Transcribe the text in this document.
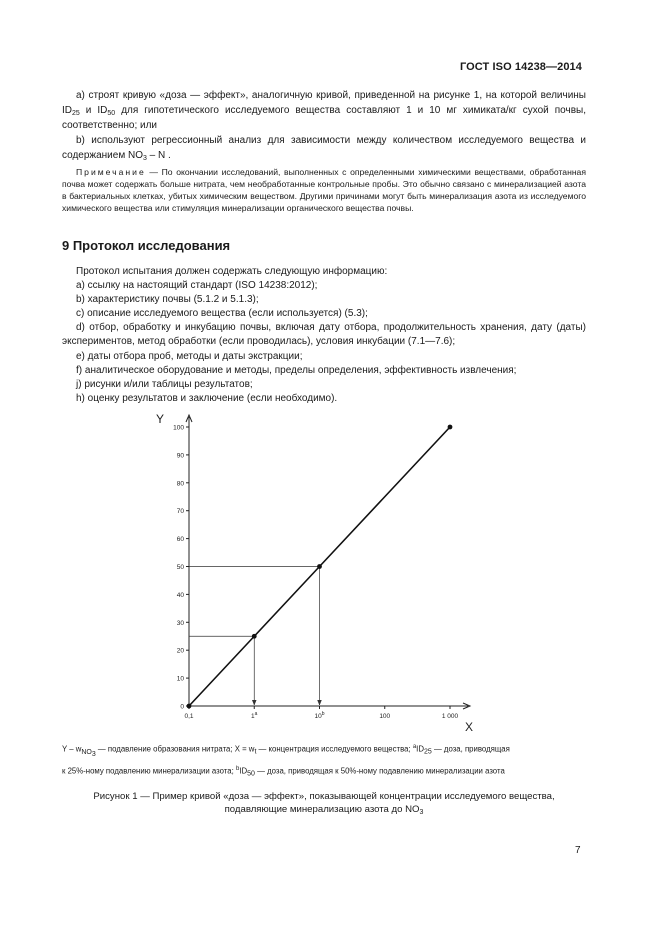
ГОСТ ISO 14238—2014
a) строят кривую «доза — эффект», аналогичную кривой, приведенной на рисунке 1, на которой величины $ID_{25}$ и $ID_{50}$ для гипотетического исследуемого вещества составляют 1 и 10 мг химиката/кг сухой почвы, соответственно; или
b) используют регрессионный анализ для зависимости между количеством исследуемого вещества и содержанием $NO_3$ – N .
Примечание — По окончании исследований, выполненных с определенными химическими веществами, обработанная почва может содержать больше нитрата, чем необработанные контрольные пробы. Это обычно связано с минерализацией азота в бактериальных клетках, убитых химическим веществом. Другими причинами могут быть минерализация азота из исследуемого химического вещества или стимуляция минерализации органического вещества почвы.
9 Протокол исследования
Протокол испытания должен содержать следующую информацию:
a) ссылку на настоящий стандарт (ISO 14238:2012);
b) характеристику почвы (5.1.2 и 5.1.3);
c) описание исследуемого вещества (если используется) (5.3);
d) отбор, обработку и инкубацию почвы, включая дату отбора, продолжительность хранения, дату (даты) экспериментов, метод обработки (если проводилась), условия инкубации (7.1—7.6);
e) даты отбора проб, методы и даты экстракции;
f) аналитическое оборудование и методы, пределы определения, эффективность извлечения;
j) рисунки и/или таблицы результатов;
h) оценку результатов и заключение (если необходимо).
Y
X
0
10
20
30
40
50
60
70
80
90
100
0,1	1$^a$	10$^b$	100	1 000
Y – $w_{NO_3}$ — подавление образования нитрата; $X = w_t$ — концентрация исследуемого вещества; $^aID_{25}$ — доза, приводящая
к 25%-ному подавлению минерализации азота; $^bID_{50}$ — доза, приводящая к 50%-ному подавлению минерализации азота
Рисунок 1 — Пример кривой «доза — эффект», показывающей концентрации исследуемого вещества,
подавляющие минерализацию азота до $NO_3$
7
